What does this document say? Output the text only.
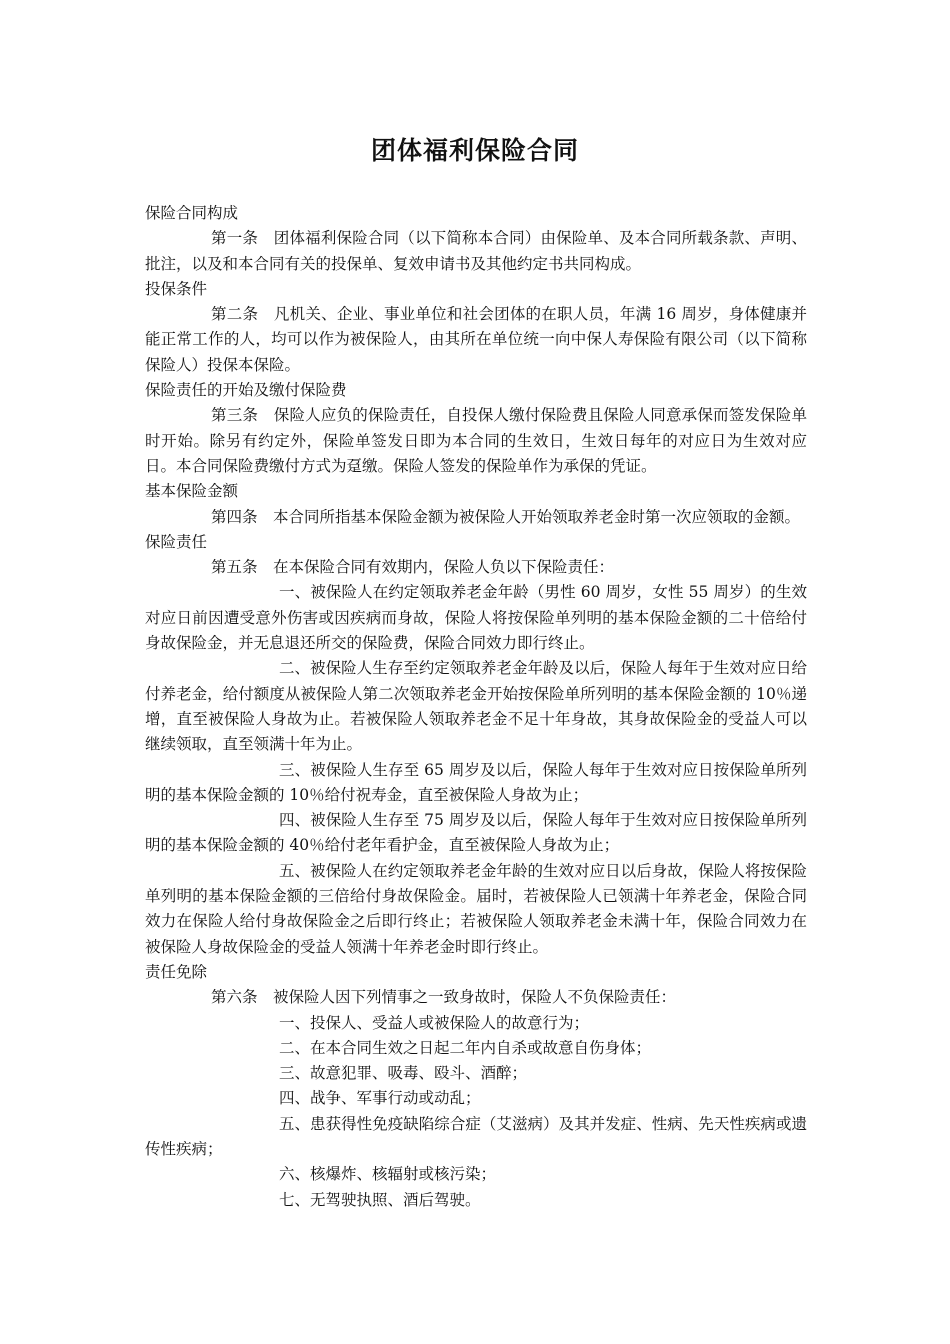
团体福利保险合同

保险合同构成

第一条　团体福利保险合同（以下简称本合同）由保险单、及本合同所载条款、声明、批注，以及和本合同有关的投保单、复效申请书及其他约定书共同构成。

投保条件

第二条　凡机关、企业、事业单位和社会团体的在职人员，年满 16 周岁，身体健康并能正常工作的人，均可以作为被保险人，由其所在单位统一向中保人寿保险有限公司（以下简称保险人）投保本保险。

保险责任的开始及缴付保险费

第三条　保险人应负的保险责任，自投保人缴付保险费且保险人同意承保而签发保险单时开始。除另有约定外，保险单签发日即为本合同的生效日，生效日每年的对应日为生效对应日。本合同保险费缴付方式为趸缴。保险人签发的保险单作为承保的凭证。

基本保险金额

第四条　本合同所指基本保险金额为被保险人开始领取养老金时第一次应领取的金额。

保险责任

第五条　在本保险合同有效期内，保险人负以下保险责任：

一、被保险人在约定领取养老金年龄（男性 60 周岁，女性 55 周岁）的生效对应日前因遭受意外伤害或因疾病而身故，保险人将按保险单列明的基本保险金额的二十倍给付身故保险金，并无息退还所交的保险费，保险合同效力即行终止。

二、被保险人生存至约定领取养老金年龄及以后，保险人每年于生效对应日给付养老金，给付额度从被保险人第二次领取养老金开始按保险单所列明的基本保险金额的 10％递增，直至被保险人身故为止。若被保险人领取养老金不足十年身故，其身故保险金的受益人可以继续领取，直至领满十年为止。

三、被保险人生存至 65 周岁及以后，保险人每年于生效对应日按保险单所列明的基本保险金额的 10％给付祝寿金，直至被保险人身故为止；

四、被保险人生存至 75 周岁及以后，保险人每年于生效对应日按保险单所列明的基本保险金额的 40％给付老年看护金，直至被保险人身故为止；

五、被保险人在约定领取养老金年龄的生效对应日以后身故，保险人将按保险单列明的基本保险金额的三倍给付身故保险金。届时，若被保险人已领满十年养老金，保险合同效力在保险人给付身故保险金之后即行终止；若被保险人领取养老金未满十年，保险合同效力在被保险人身故保险金的受益人领满十年养老金时即行终止。

责任免除

第六条　被保险人因下列情事之一致身故时，保险人不负保险责任：

一、投保人、受益人或被保险人的故意行为；

二、在本合同生效之日起二年内自杀或故意自伤身体；

三、故意犯罪、吸毒、殴斗、酒醉；

四、战争、军事行动或动乱；

五、患获得性免疫缺陷综合症（艾滋病）及其并发症、性病、先天性疾病或遗传性疾病；

六、核爆炸、核辐射或核污染；

七、无驾驶执照、酒后驾驶。
